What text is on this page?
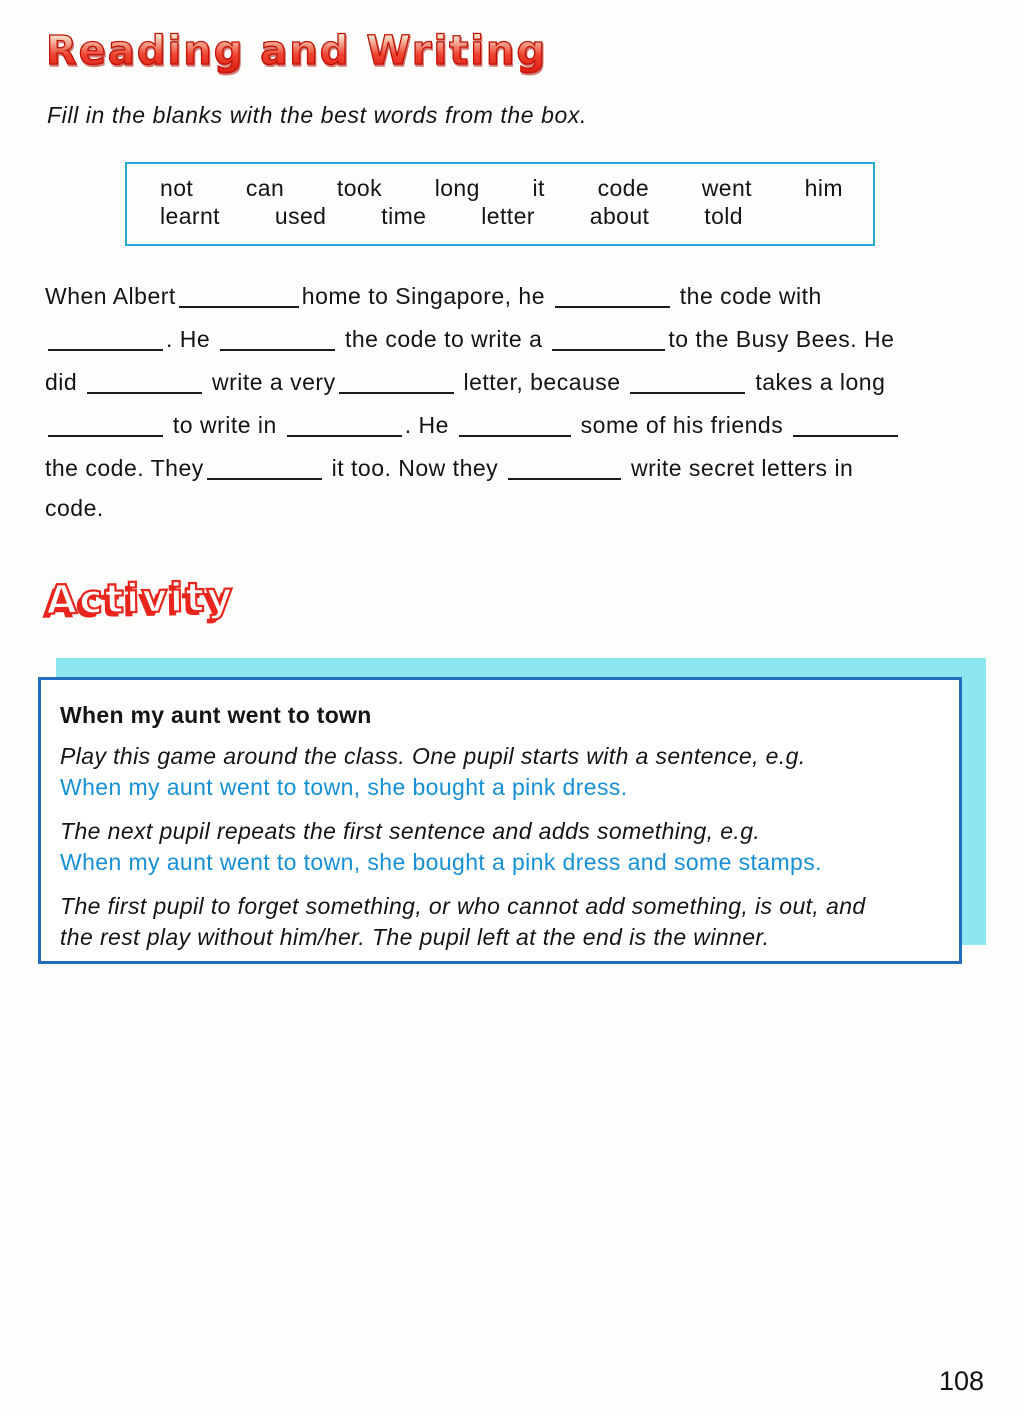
Reading and Writing

Fill in the blanks with the best words from the box.

not can took long it code went him
learnt used time letter about told
When Albert	home to Singapore, he	the code with
. He	the code to write a	to the Busy Bees. He
did	write a very	letter, because	takes a long
to write in	. He	some of his friends
the code. They	it too. Now they	write secret letters in
code.
Activity
When my aunt went to town

Play this game around the class. One pupil starts with a sentence, e.g.
When my aunt went to town, she bought a pink dress.

The next pupil repeats the first sentence and adds something, e.g.
When my aunt went to town, she bought a pink dress and some stamps.

The first pupil to forget something, or who cannot add something, is out, and
the rest play without him/her. The pupil left at the end is the winner.

108
